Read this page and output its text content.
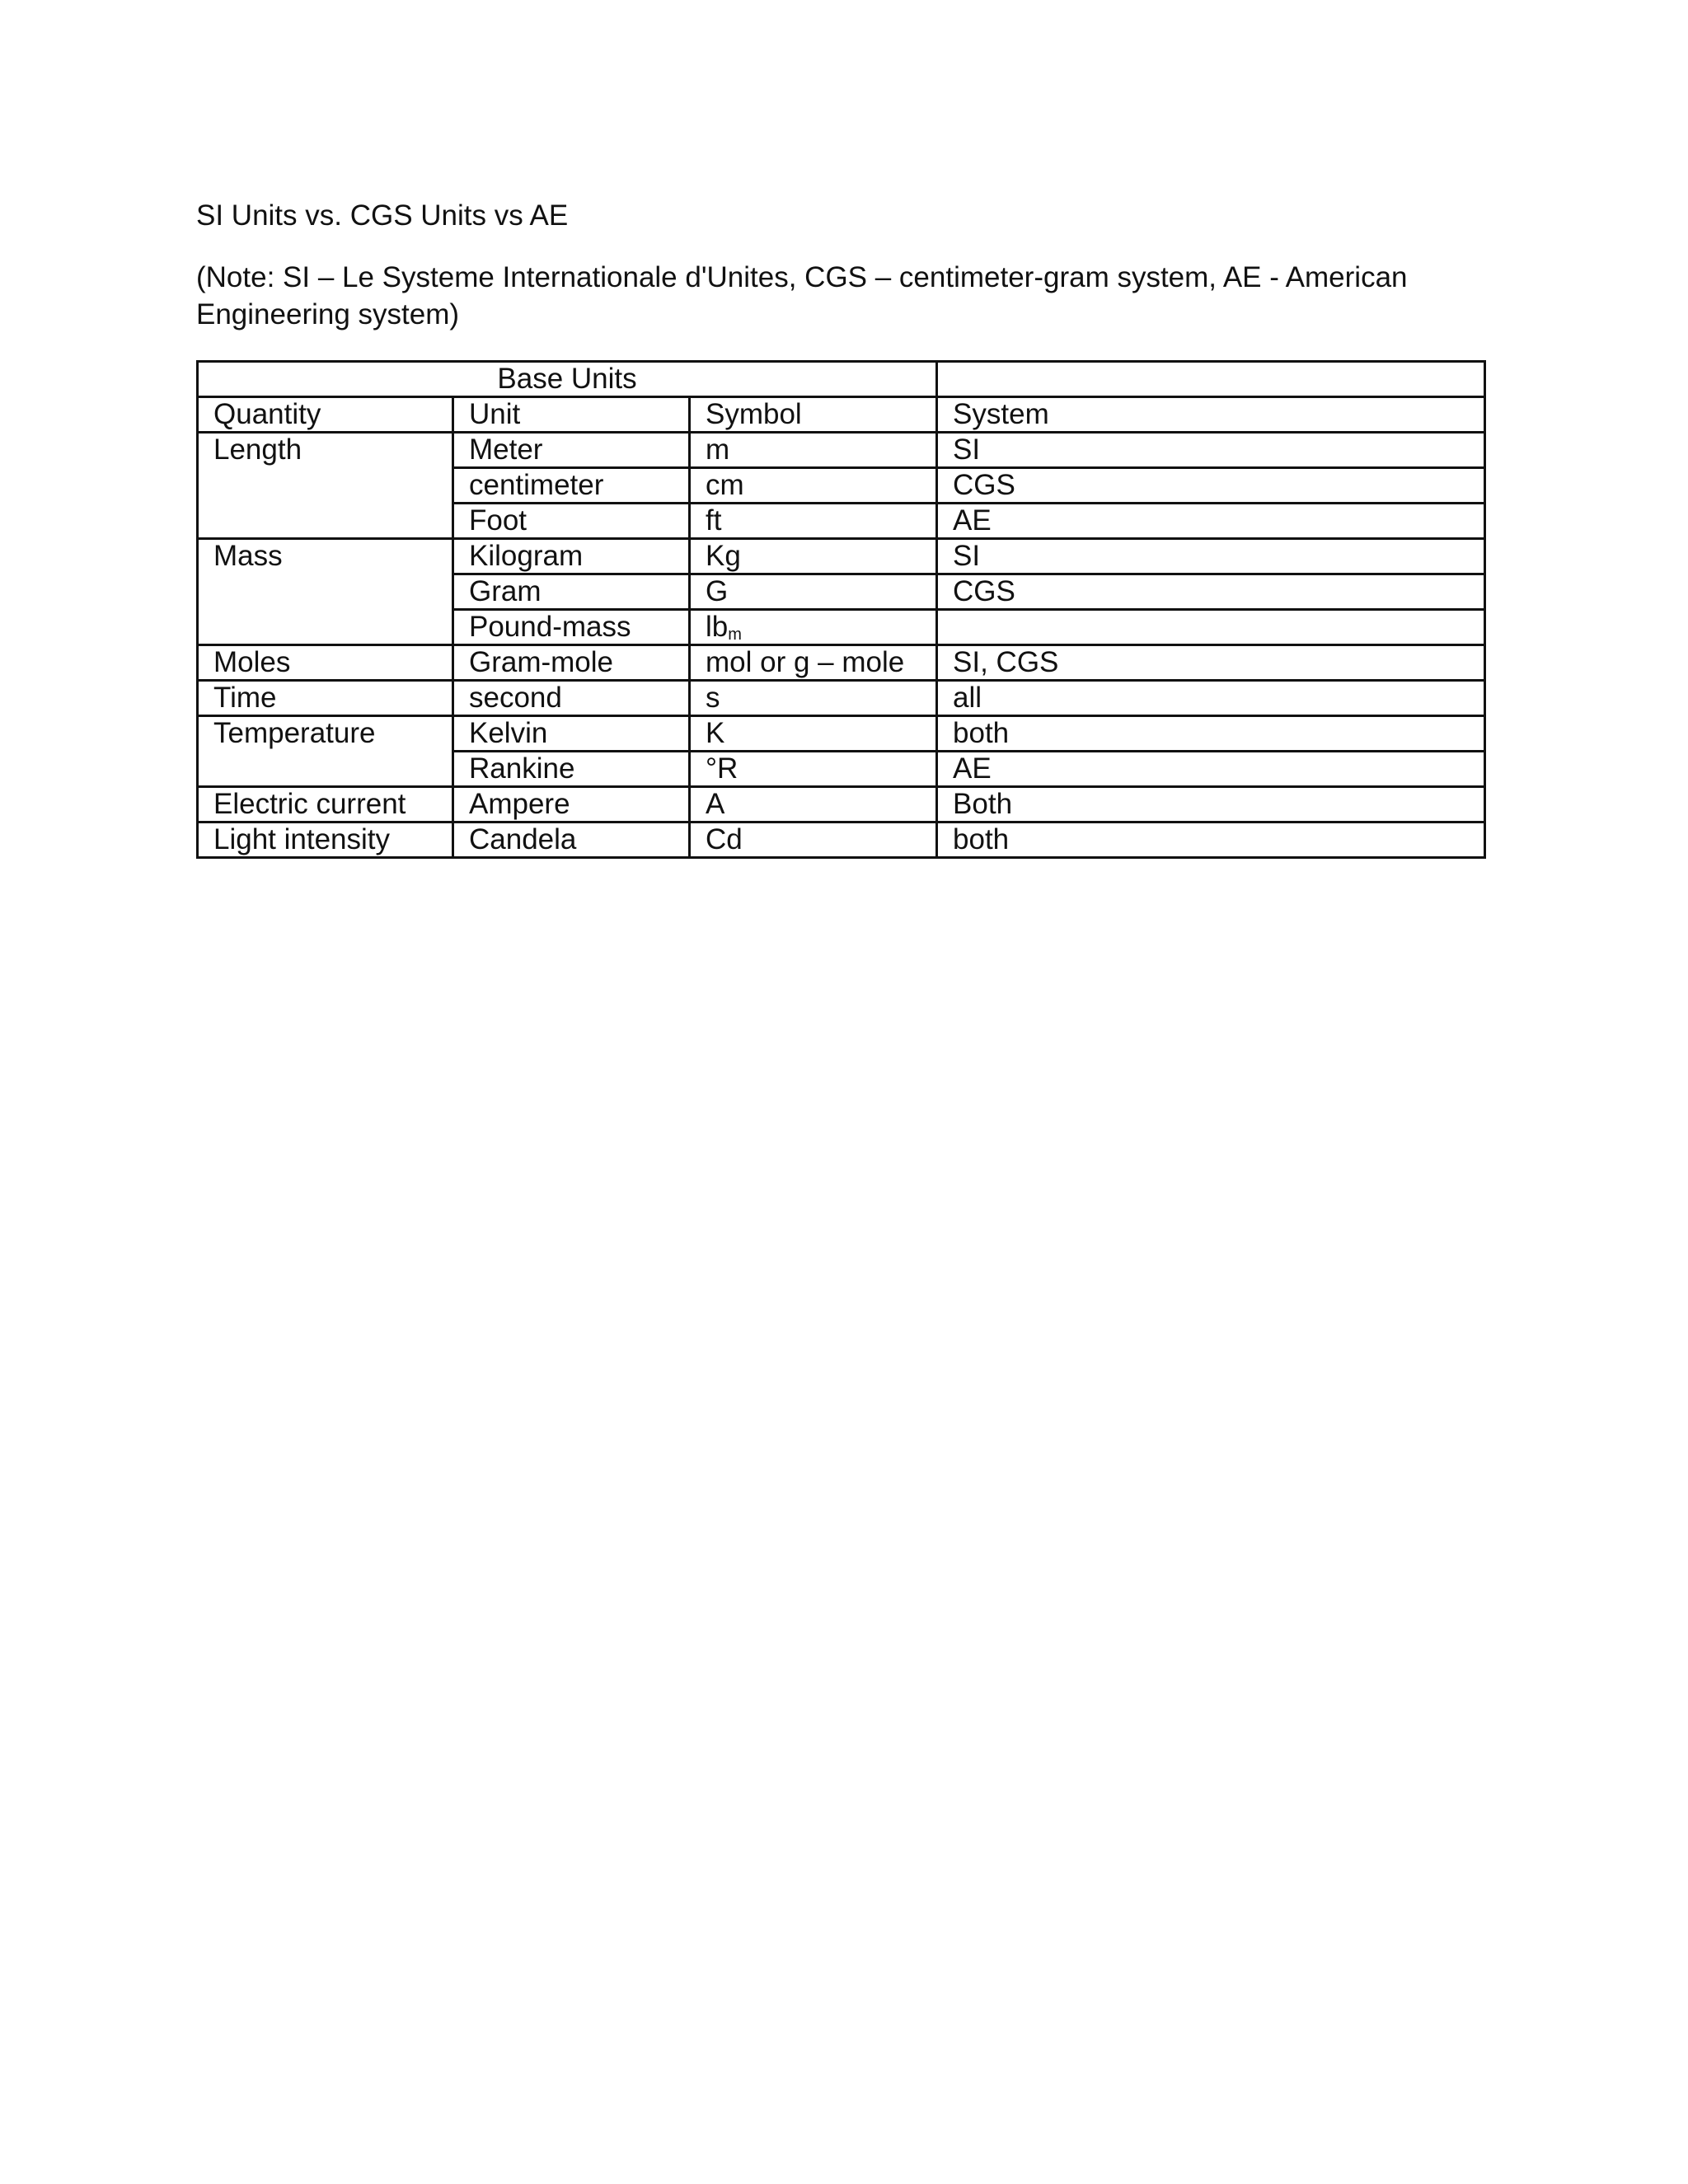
SI Units vs. CGS Units vs AE
(Note: SI – Le Systeme Internationale d'Unites, CGS – centimeter-gram system, AE - American Engineering system)
Base Units			
Quantity	Unit	Symbol	System
Length	Meter	m	SI
	centimeter	cm	CGS
	Foot	ft	AE
Mass	Kilogram	Kg	SI
	Gram	G	CGS
	Pound-mass	$lb_m$	
Moles	Gram-mole	mol or g – mole	SI, CGS
Time	second	s	all
Temperature	Kelvin	K	both
	Rankine	°R	AE
Electric current	Ampere	A	Both
Light intensity	Candela	Cd	both
